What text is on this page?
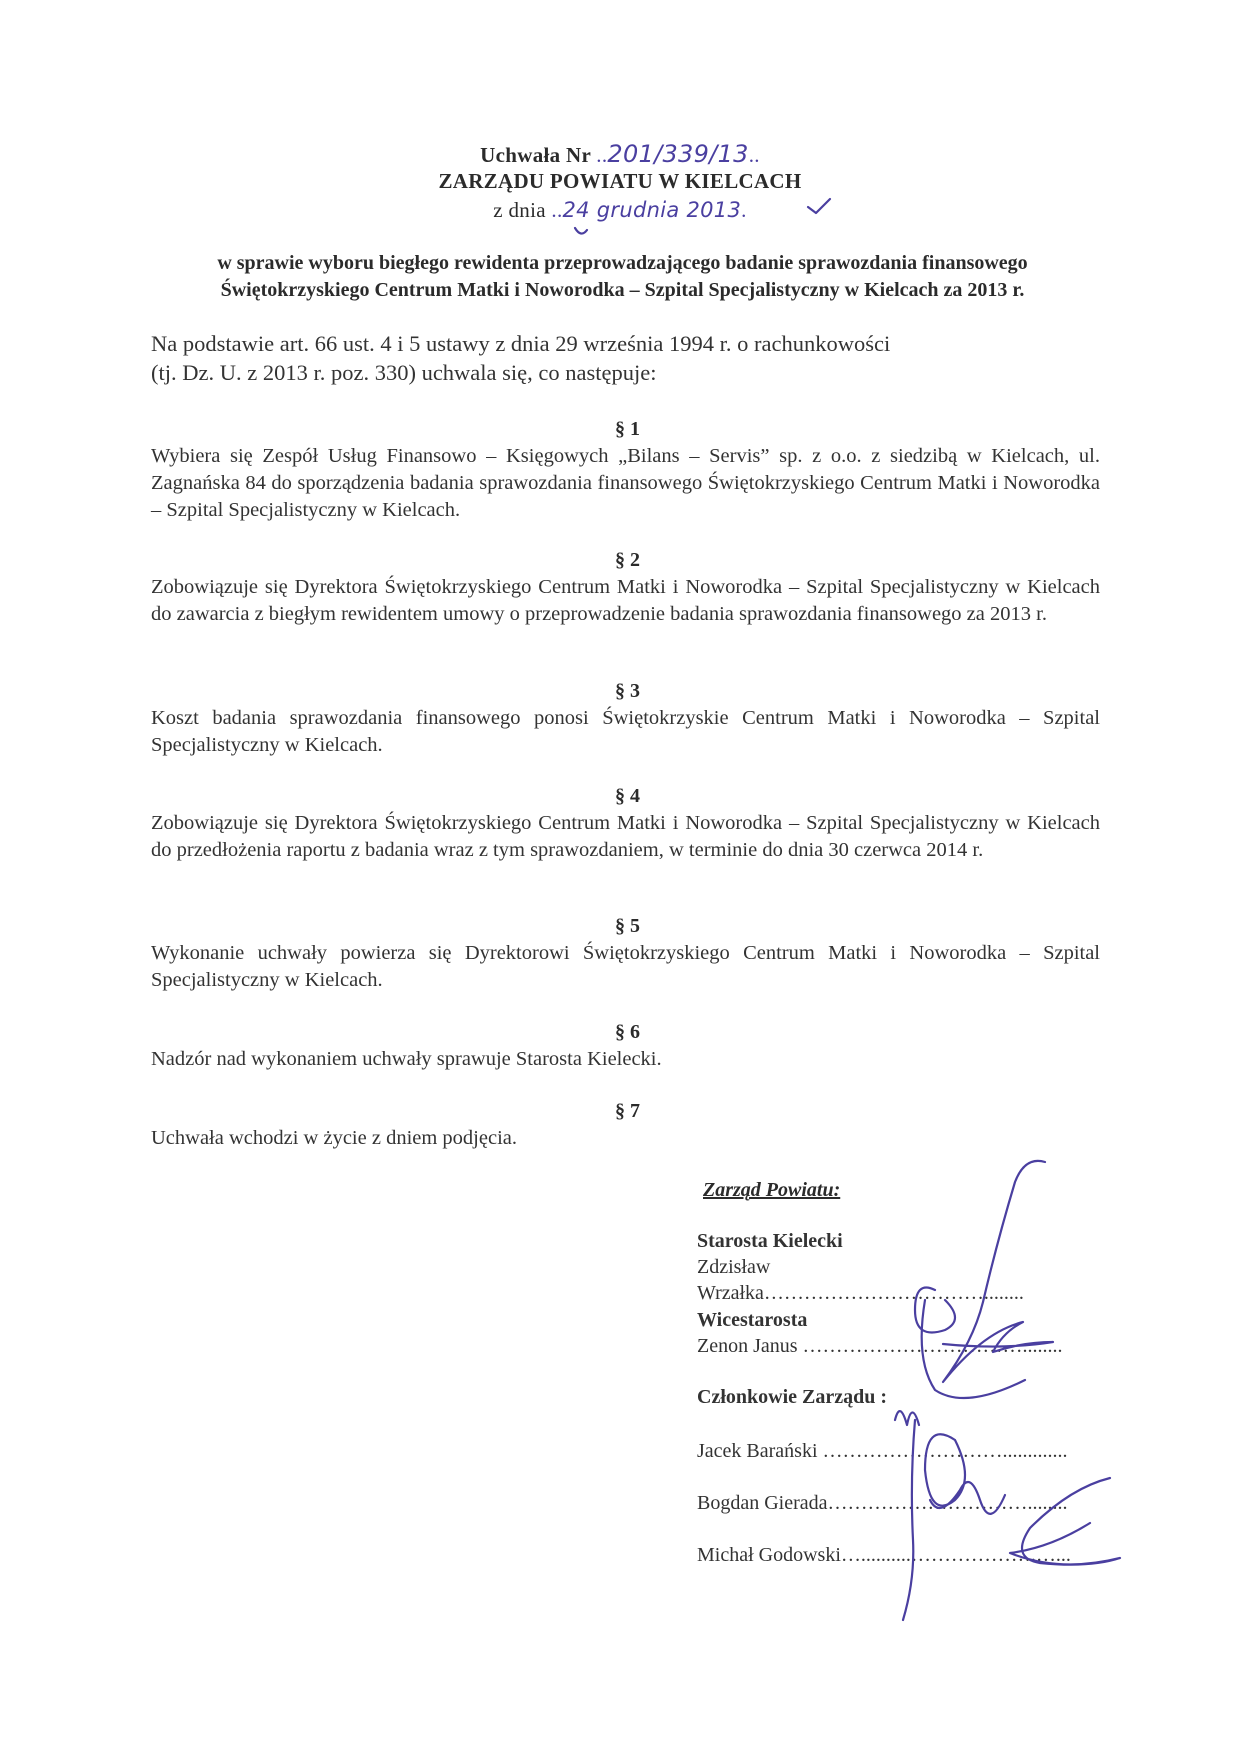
Uchwała Nr ..201/339/13..
ZARZĄDU POWIATU W KIELCACH
z dnia ..24 grudnia 2013.
w sprawie wyboru biegłego rewidenta przeprowadzającego badanie sprawozdania finansowego
Świętokrzyskiego Centrum Matki i Noworodka – Szpital Specjalistyczny w Kielcach za 2013 r.
Na podstawie art. 66 ust. 4 i 5 ustawy z dnia 29 września 1994 r. o rachunkowości
(tj. Dz. U. z 2013 r. poz. 330) uchwala się, co następuje:
§ 1
Wybiera się Zespół Usług Finansowo – Księgowych „Bilans – Servis” sp. z o.o. z siedzibą w Kielcach, ul. Zagnańska 84 do sporządzenia badania sprawozdania finansowego Świętokrzyskiego Centrum Matki i Noworodka – Szpital Specjalistyczny w Kielcach.
§ 2
Zobowiązuje się Dyrektora Świętokrzyskiego Centrum Matki i Noworodka – Szpital Specjalistyczny w Kielcach do zawarcia z biegłym rewidentem umowy o przeprowadzenie badania sprawozdania finansowego za 2013 r.
§ 3
Koszt badania sprawozdania finansowego ponosi Świętokrzyskie Centrum Matki i Noworodka – Szpital Specjalistyczny w Kielcach.
§ 4
Zobowiązuje się Dyrektora Świętokrzyskiego Centrum Matki i Noworodka – Szpital Specjalistyczny w Kielcach do przedłożenia raportu z badania wraz z tym sprawozdaniem, w terminie do dnia 30 czerwca 2014 r.
§ 5
Wykonanie uchwały powierza się Dyrektorowi Świętokrzyskiego Centrum Matki i Noworodka – Szpital Specjalistyczny w Kielcach.
§ 6
Nadzór nad wykonaniem uchwały sprawuje Starosta Kielecki.
§ 7
Uchwała wchodzi w życie z dniem podjęcia.
Zarząd Powiatu:
Starosta Kielecki
Zdzisław Wrzałka……………………………........
Wicestarosta
Zenon Janus ……………………………........
Członkowie Zarządu :
Jacek Barański ……………………….............
Bogdan Gierada…………………………........
Michał Godowski…..........……………….…...
